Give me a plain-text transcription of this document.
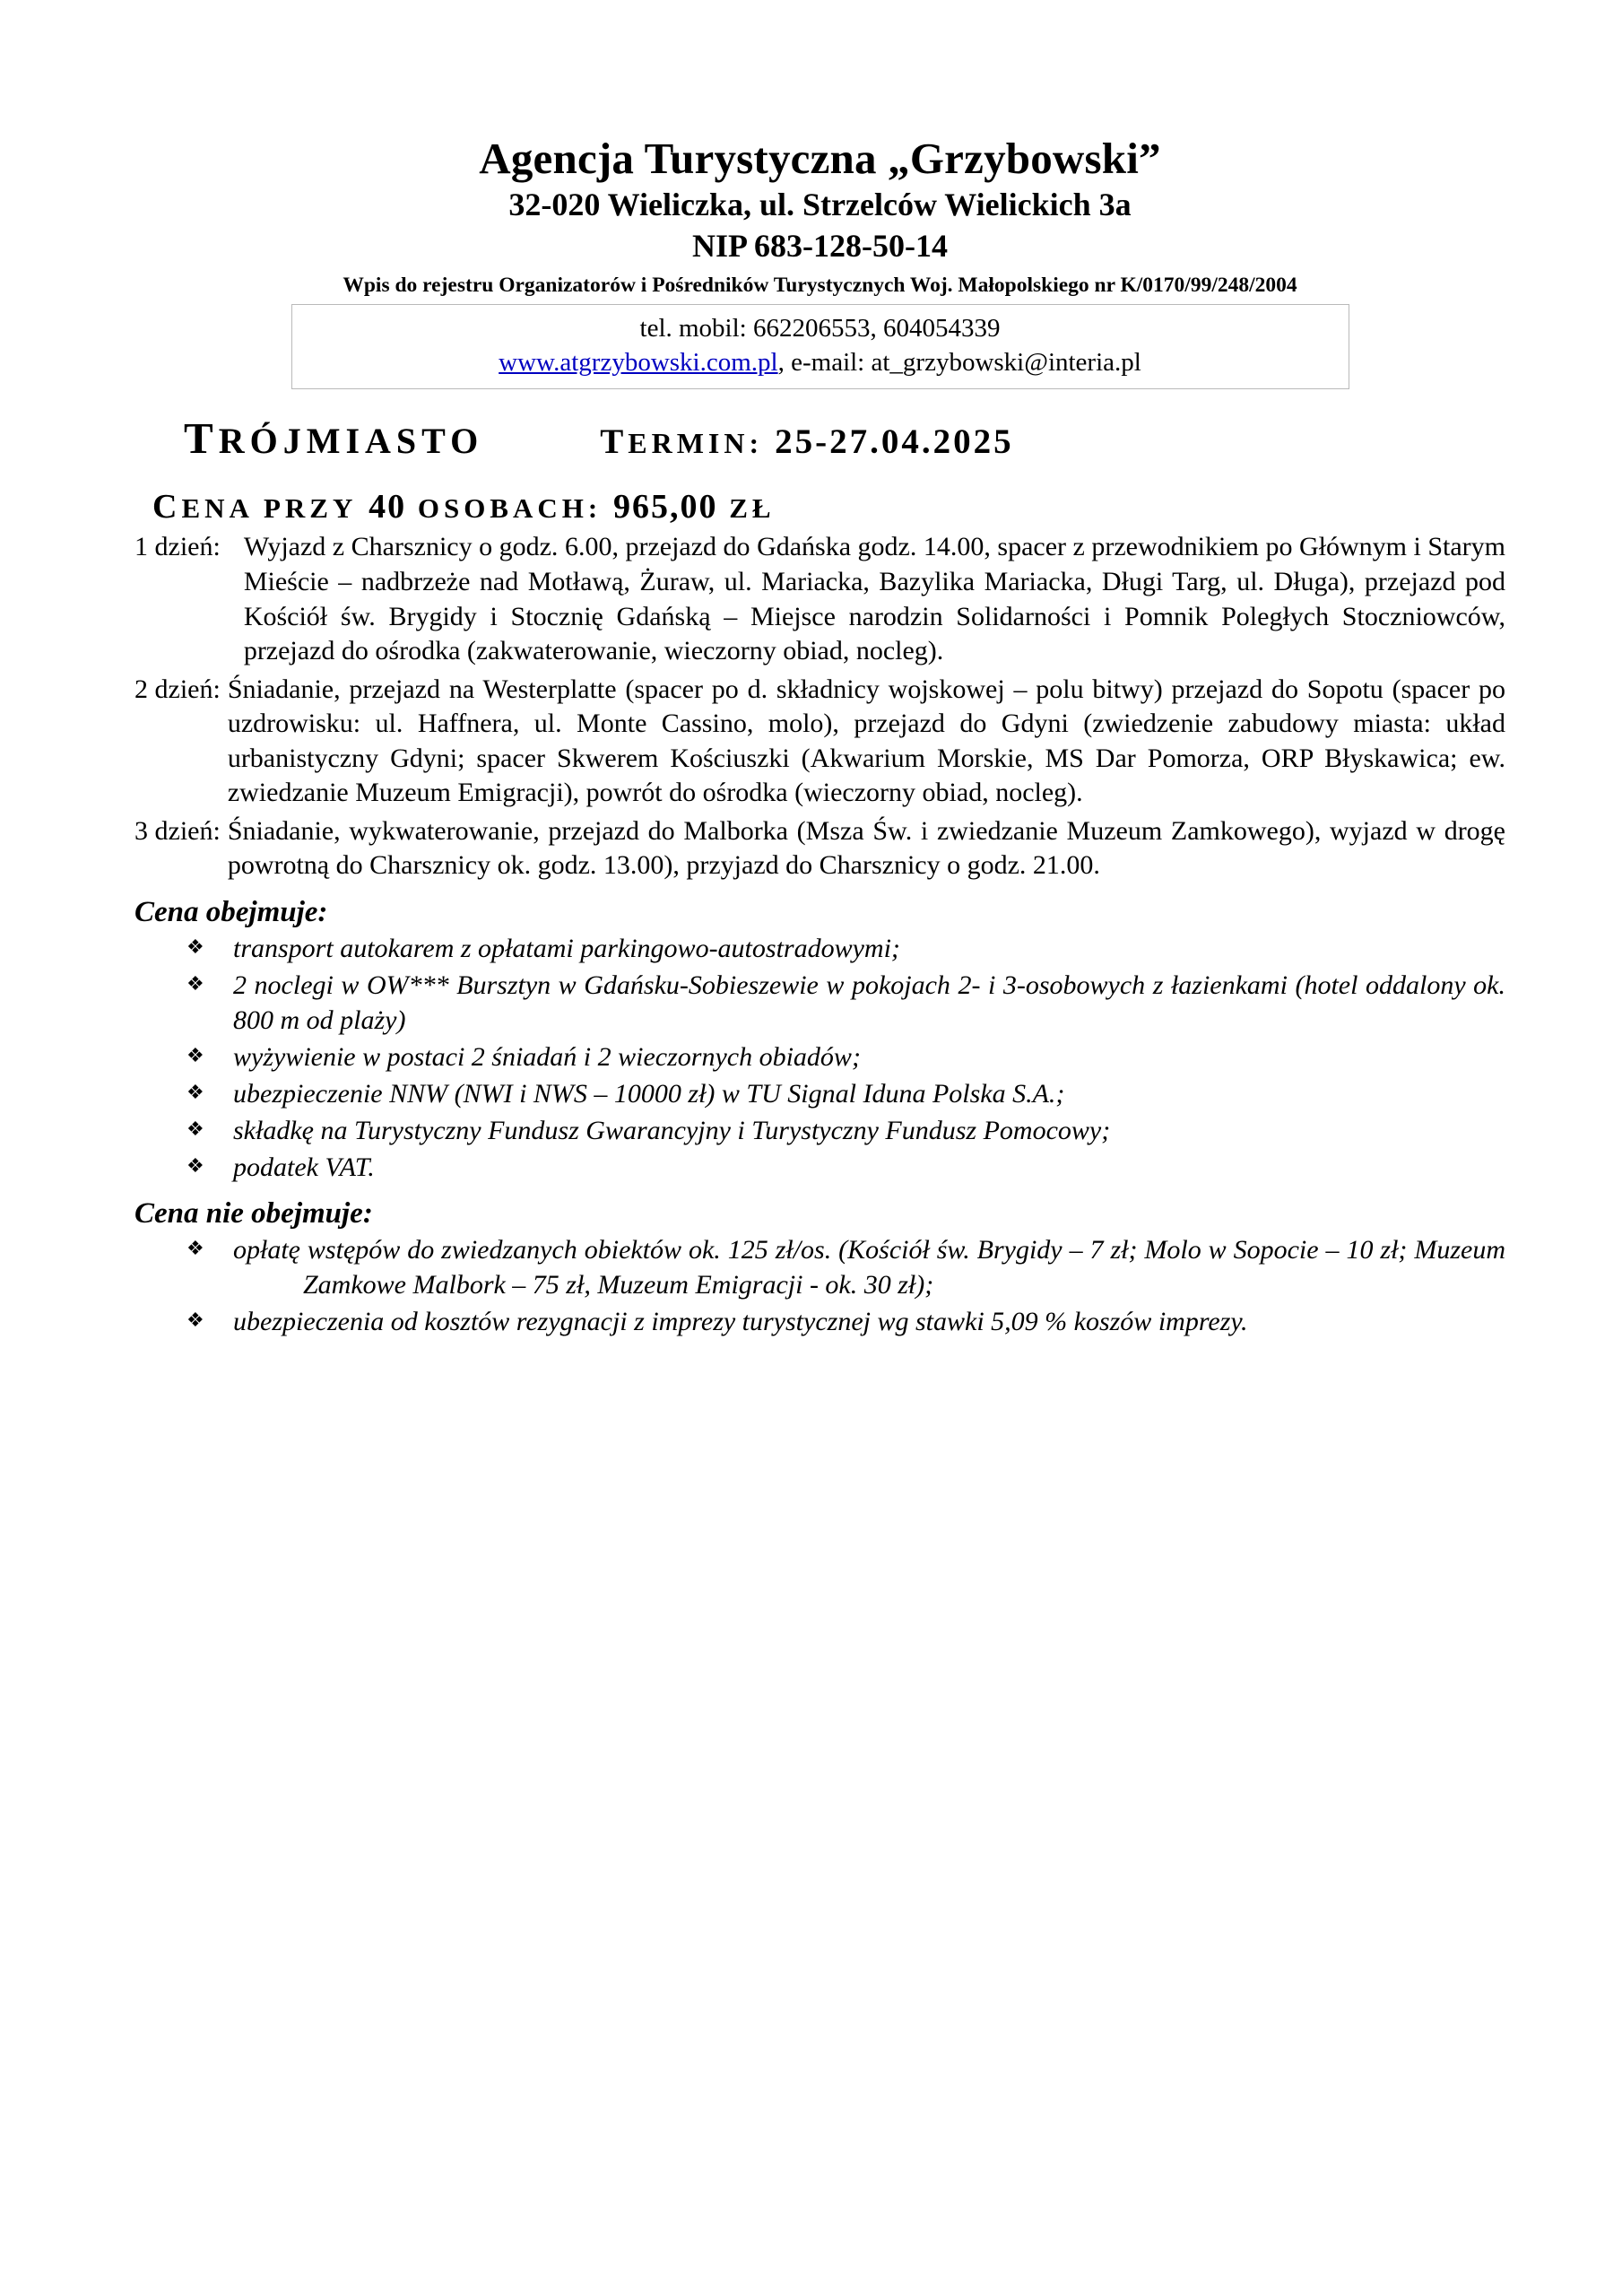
Agencja Turystyczna „Grzybowski”
32-020 Wieliczka, ul. Strzelców Wielickich 3a
NIP 683-128-50-14
Wpis do rejestru Organizatorów i Pośredników Turystycznych Woj. Małopolskiego nr K/0170/99/248/2004
tel. mobil: 662206553, 604054339
www.atgrzybowski.com.pl, e-mail: at_grzybowski@interia.pl
TRÓJMIASTO	TERMIN: 25-27.04.2025
CENA PRZY 40 OSOBACH: 965,00 ZŁ
1 dzień: Wyjazd z Charsznicy o godz. 6.00, przejazd do Gdańska godz. 14.00, spacer z przewodnikiem po Głównym i Starym Mieście – nadbrzeże nad Motławą, Żuraw, ul. Mariacka, Bazylika Mariacka, Długi Targ, ul. Długa), przejazd pod Kościół św. Brygidy i Stocznię Gdańską – Miejsce narodzin Solidarności i Pomnik Poległych Stoczniowców, przejazd do ośrodka (zakwaterowanie, wieczorny obiad, nocleg).
2 dzień: Śniadanie, przejazd na Westerplatte (spacer po d. składnicy wojskowej – polu bitwy) przejazd do Sopotu (spacer po uzdrowisku: ul. Haffnera, ul. Monte Cassino, molo), przejazd do Gdyni (zwiedzenie zabudowy miasta: układ urbanistyczny Gdyni; spacer Skwerem Kościuszki (Akwarium Morskie, MS Dar Pomorza, ORP Błyskawica; ew. zwiedzanie Muzeum Emigracji), powrót do ośrodka (wieczorny obiad, nocleg).
3 dzień: Śniadanie, wykwaterowanie, przejazd do Malborka (Msza Św. i zwiedzanie Muzeum Zamkowego), wyjazd w drogę powrotną do Charsznicy ok. godz. 13.00), przyjazd do Charsznicy o godz. 21.00.
Cena obejmuje:
❖	transport autokarem z opłatami parkingowo-autostradowymi;
❖	2 noclegi w OW*** Bursztyn w Gdańsku-Sobieszewie w pokojach 2- i 3-osobowych z łazienkami (hotel oddalony ok. 800 m od plaży)
❖	wyżywienie w postaci 2 śniadań i 2 wieczornych obiadów;
❖	ubezpieczenie NNW (NWI i NWS – 10000 zł) w TU Signal Iduna Polska S.A.;
❖	składkę na Turystyczny Fundusz Gwarancyjny i Turystyczny Fundusz Pomocowy;
❖	podatek VAT.
Cena nie obejmuje:
❖	opłatę wstępów do zwiedzanych obiektów ok. 125 zł/os. (Kościół św. Brygidy – 7 zł; Molo w Sopocie – 10 zł; Muzeum Zamkowe Malbork – 75 zł, Muzeum Emigracji - ok. 30 zł);
❖	ubezpieczenia od kosztów rezygnacji z imprezy turystycznej wg stawki 5,09 % koszów imprezy.
